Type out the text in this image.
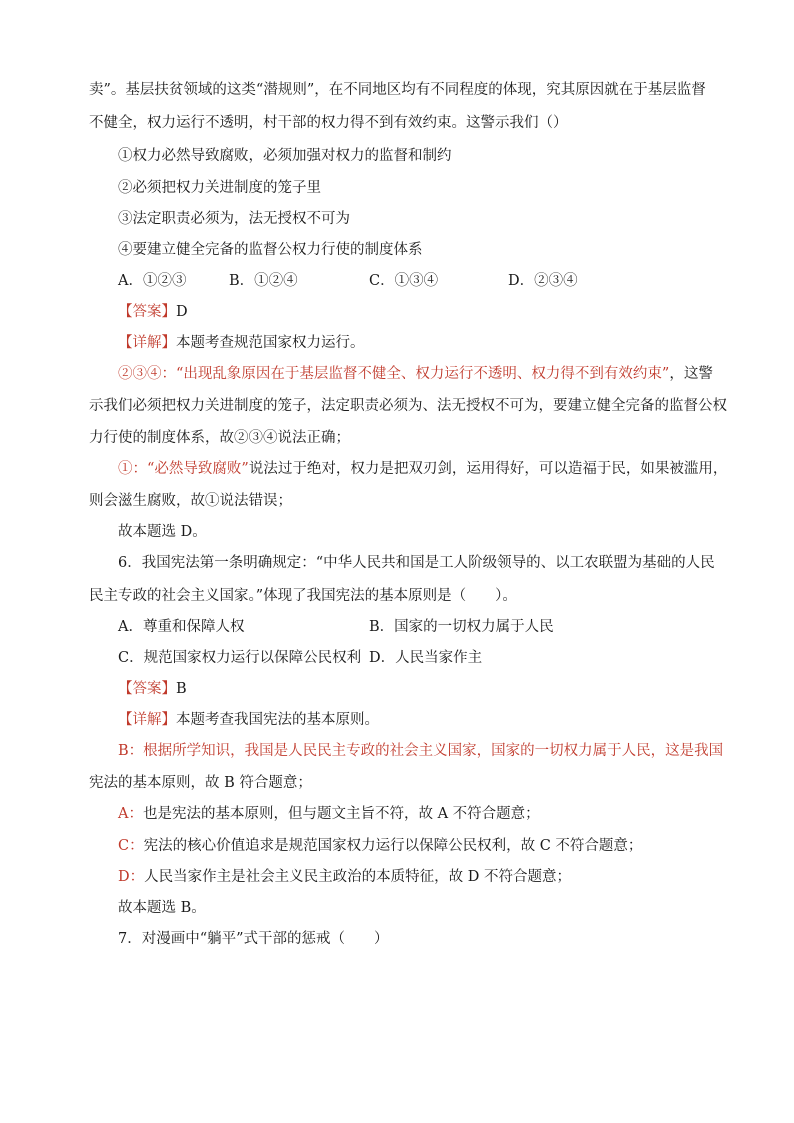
卖”。基层扶贫领域的这类“潜规则”，在不同地区均有不同程度的体现，究其原因就在于基层监督
不健全，权力运行不透明，村干部的权力得不到有效约束。这警示我们（）
①权力必然导致腐败，必须加强对权力的监督和制约
②必须把权力关进制度的笼子里
③法定职责必须为，法无授权不可为
④要建立健全完备的监督公权力行使的制度体系
A．①②③	B．①②④	C．①③④	D．②③④
【答案】D
【详解】本题考查规范国家权力运行。
②③④：“出现乱象原因在于基层监督不健全、权力运行不透明、权力得不到有效约束”，这警
示我们必须把权力关进制度的笼子，法定职责必须为、法无授权不可为，要建立健全完备的监督公权
力行使的制度体系，故②③④说法正确；
①：“必然导致腐败”说法过于绝对，权力是把双刃剑，运用得好，可以造福于民，如果被滥用，
则会滋生腐败，故①说法错误；
故本题选 D。
6．我国宪法第一条明确规定：“中华人民共和国是工人阶级领导的、以工农联盟为基础的人民
民主专政的社会主义国家。”体现了我国宪法的基本原则是（　　）。
A．尊重和保障人权	B．国家的一切权力属于人民
C．规范国家权力运行以保障公民权利 D．人民当家作主
【答案】B
【详解】本题考查我国宪法的基本原则。
B：根据所学知识，我国是人民民主专政的社会主义国家，国家的一切权力属于人民，这是我国
宪法的基本原则，故 B 符合题意；
A：也是宪法的基本原则，但与题文主旨不符，故 A 不符合题意；
C：宪法的核心价值追求是规范国家权力运行以保障公民权利，故 C 不符合题意；
D：人民当家作主是社会主义民主政治的本质特征，故 D 不符合题意；
故本题选 B。
7．对漫画中“躺平”式干部的惩戒（　　）
